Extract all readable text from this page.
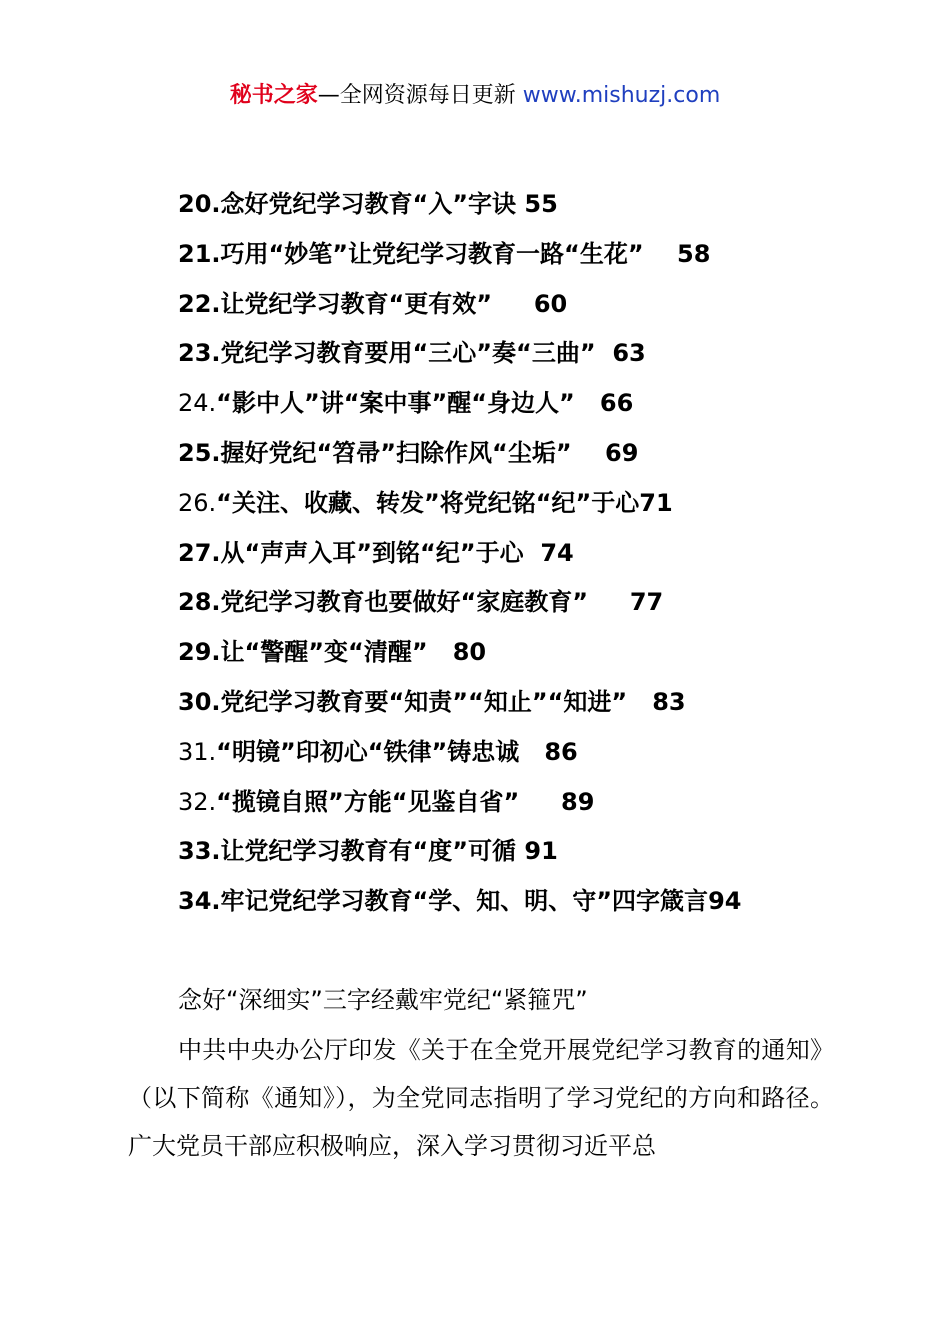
秘书之家—全网资源每日更新 www.mishuzj.com
20.念好党纪学习教育“入”字诀 55
21.巧用“妙笔”让党纪学习教育一路“生花” 58
22.让党纪学习教育“更有效” 60
23.党纪学习教育要用“三心”奏“三曲” 63
24.“影中人”讲“案中事”醒“身边人” 66
25.握好党纪“笤帚”扫除作风“尘垢” 69
26.“关注、收藏、转发”将党纪铭“纪”于心71
27.从“声声入耳”到铭“纪”于心 74
28.党纪学习教育也要做好“家庭教育” 77
29.让“警醒”变“清醒” 80
30.党纪学习教育要“知责”“知止”“知进” 83
31.“明镜”印初心“铁律”铸忠诚 86
32.“揽镜自照”方能“见鉴自省” 89
33.让党纪学习教育有“度”可循 91
34.牢记党纪学习教育“学、知、明、守”四字箴言94
念好“深细实”三字经戴牢党纪“紧箍咒”
中共中央办公厅印发《关于在全党开展党纪学习教育的通知》（以下简称《通知》），为全党同志指明了学习党纪的方向和路径。广大党员干部应积极响应，深入学习贯彻习近平总
